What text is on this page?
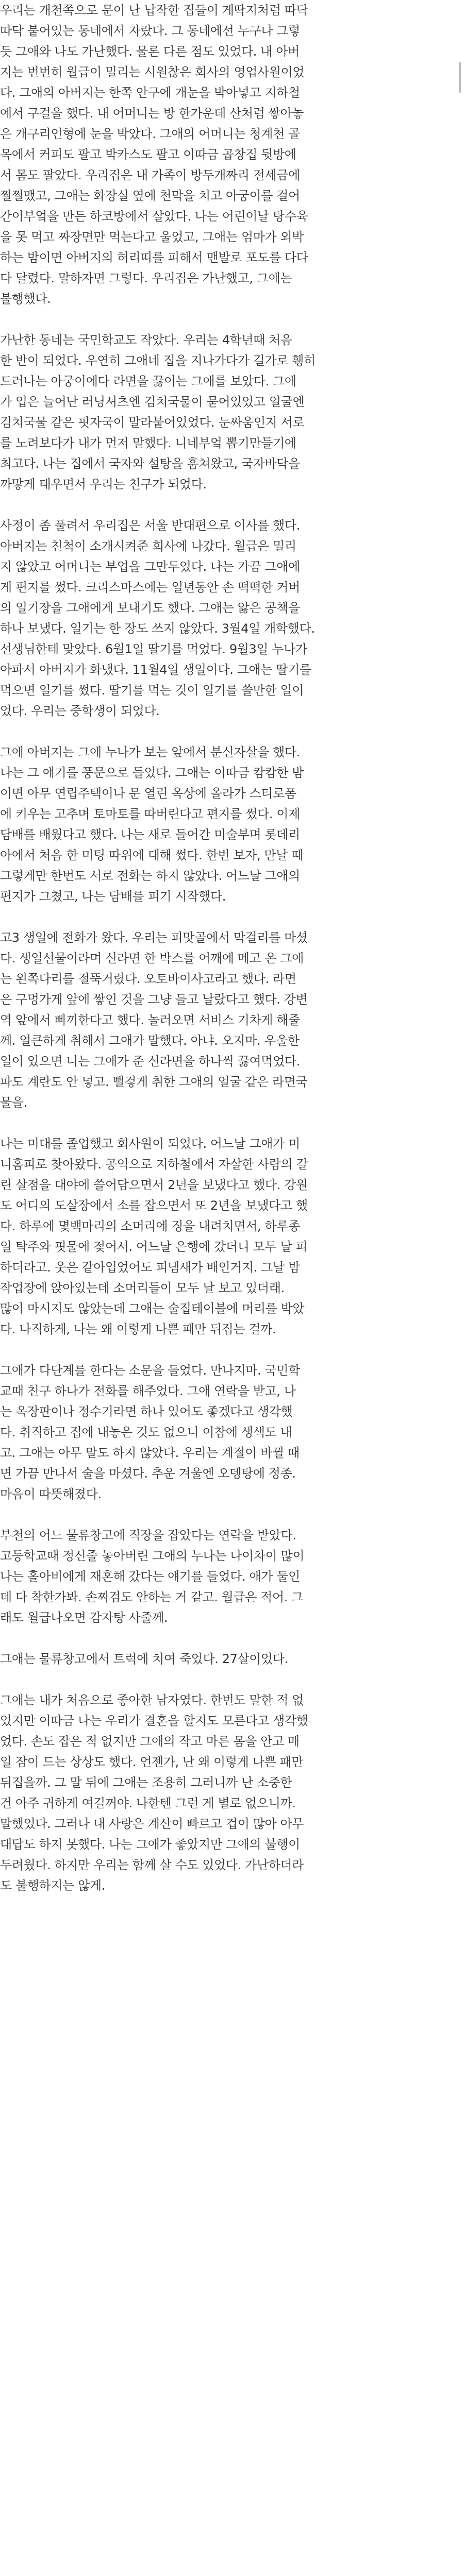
우리는 개천쪽으로 문이 난 납작한 집들이 게딱지처럼 따닥
따닥 붙어있는 동네에서 자랐다. 그 동네에선 누구나 그렇
듯 그애와 나도 가난했다. 물론 다른 점도 있었다. 내 아버
지는 번번히 월급이 밀리는 시원찮은 회사의 영업사원이었
다. 그애의 아버지는 한쪽 안구에 개눈을 박아넣고 지하철
에서 구걸을 했다. 내 어머니는 방 한가운데 산처럼 쌓아놓
은 개구리인형에 눈을 박았다. 그애의 어머니는 청계천 골
목에서 커피도 팔고 박카스도 팔고 이따금 곱창집 뒷방에
서 몸도 팔았다. 우리집은 내 가족이 방두개짜리 전세금에
쩔쩔맸고, 그애는 화장실 옆에 천막을 치고 아궁이를 걸어
간이부엌을 만든 하코방에서 살았다. 나는 어린이날 탕수육
을 못 먹고 짜장면만 먹는다고 울었고, 그애는 엄마가 외박
하는 밤이면 아버지의 허리띠를 피해서 맨발로 포도를 다다
다 달렸다. 말하자면 그렇다. 우리집은 가난했고, 그애는
불행했다.

가난한 동네는 국민학교도 작았다. 우리는 4학년때 처음
한 반이 되었다. 우연히 그애네 집을 지나가다가 길가로 휑히
드러나는 아궁이에다 라면을 끓이는 그애를 보았다. 그애
가 입은 늘어난 러닝셔츠엔 김치국물이 묻어있었고 얼굴엔
김치국물 같은 핏자국이 말라붙어있었다. 눈싸움인지 서로
를 노려보다가 내가 먼저 말했다. 니네부엌 뽑기만들기에
최고다. 나는 집에서 국자와 설탕을 훔쳐왔고, 국자바닥을
까맣게 태우면서 우리는 친구가 되었다.

사정이 좀 풀려서 우리집은 서울 반대편으로 이사를 했다.
아버지는 친척이 소개시켜준 회사에 나갔다. 월급은 밀리
지 않았고 어머니는 부업을 그만두었다. 나는 가끔 그애에
게 편지를 썼다. 크리스마스에는 일년동안 손 떡떡한 커버
의 일기장을 그애에게 보내기도 했다. 그애는 앓은 공책을
하나 보냈다. 일기는 한 장도 쓰지 않았다. 3월4일 개학했다.
선생님한테 맞았다. 6월1일 딸기를 먹었다. 9월3일 누나가
아파서 아버지가 화냈다. 11월4일 생일이다. 그애는 딸기를
먹으면 일기를 썼다. 딸기를 먹는 것이 일기를 쓸만한 일이
었다. 우리는 중학생이 되었다.

그애 아버지는 그애 누나가 보는 앞에서 분신자살을 했다.
나는 그 얘기를 풍문으로 들었다. 그애는 이따금 캄캄한 밤
이면 아무 연립주택이나 문 열린 옥상에 올라가 스티로폼
에 키우는 고추며 토마토를 따버린다고 편지를 썼다. 이제
담배를 배웠다고 했다. 나는 새로 들어간 미술부며 롯데리
아에서 처음 한 미팅 따위에 대해 썼다. 한번 보자, 만날 때
그렇게만 한번도 서로 전화는 하지 않았다. 어느날 그애의
편지가 그쳤고, 나는 담배를 피기 시작했다.

고3 생일에 전화가 왔다. 우리는 피맛골에서 막걸리를 마셨
다. 생일선물이라며 신라면 한 박스를 어깨에 메고 온 그애
는 왼쪽다리를 절뚝거렸다. 오토바이사고라고 했다. 라면
은 구멍가게 앞에 쌓인 것을 그냥 들고 날랐다고 했다. 강변
역 앞에서 삐끼한다고 했다. 놀러오면 서비스 기차게 해줄
께. 얼큰하게 취해서 그애가 말했다. 아냐. 오지마. 우울한
일이 있으면 니는 그애가 준 신라면을 하나씩 끓여먹었다.
파도 계란도 안 넣고. 뻘겋게 취한 그애의 얼굴 같은 라면국
물을.

나는 미대를 졸업했고 회사원이 되었다. 어느날 그애가 미
니홈피로 찾아왔다. 공익으로 지하철에서 자살한 사람의 갈
린 살점을 대야에 쓸어담으면서 2년을 보냈다고 했다. 강원
도 어디의 도살장에서 소를 잡으면서 또 2년을 보냈다고 했
다. 하루에 몇백마리의 소머리에 징을 내려치면서, 하루종
일 탁주와 핏물에 젖어서. 어느날 은행에 갔더니 모두 날 피
하더라고. 웃은 같아입었어도 피냄새가 배인거지. 그날 밤
작업장에 앉아있는데 소머리들이 모두 날 보고 있더래.
많이 마시지도 않았는데 그애는 술집테이블에 머리를 박았
다. 나직하게, 나는 왜 이렇게 나쁜 패만 뒤집는 걸까.

그애가 다단계를 한다는 소문을 들었다. 만나지마. 국민학
교때 친구 하나가 전화를 해주었다. 그애 연락을 받고, 나
는 옥장판이나 정수기라면 하나 있어도 좋겠다고 생각했
다. 취직하고 집에 내놓은 것도 없으니 이참에 생색도 내
고. 그애는 아무 말도 하지 않았다. 우리는 계절이 바뀔 때
면 가끔 만나서 술을 마셨다. 추운 겨울엔 오뎅탕에 정종.
마음이 따뜻해졌다.

부천의 어느 물류창고에 직장을 잡았다는 연락을 받았다.
고등학교때 정신줄 놓아버린 그애의 누나는 나이차이 많이
나는 홀아비에게 재혼해 갔다는 얘기를 들었다. 애가 둘인
데 다 착한가봐. 손찌검도 안하는 거 같고. 월급은 적어. 그
래도 월급나오면 감자탕 사줄께.

그애는 물류창고에서 트럭에 치여 죽었다. 27살이었다.

그애는 내가 처음으로 좋아한 남자였다. 한번도 말한 적 없
었지만 이따금 나는 우리가 결혼을 할지도 모른다고 생각했
었다. 손도 잡은 적 없지만 그애의 작고 마른 몸을 안고 매
일 잠이 드는 상상도 했다. 언젠가, 난 왜 이렇게 나쁜 패만
뒤집을까. 그 말 뒤에 그애는 조용히 그러니까 난 소중한
건 아주 귀하게 여길꺼야. 나한텐 그런 게 별로 없으니까.
말했었다. 그러나 내 사랑은 계산이 빠르고 겁이 많아 아무
대답도 하지 못했다. 나는 그애가 좋았지만 그애의 불행이
두려웠다. 하지만 우리는 함께 살 수도 있었다. 가난하더라
도 불행하지는 않게.
